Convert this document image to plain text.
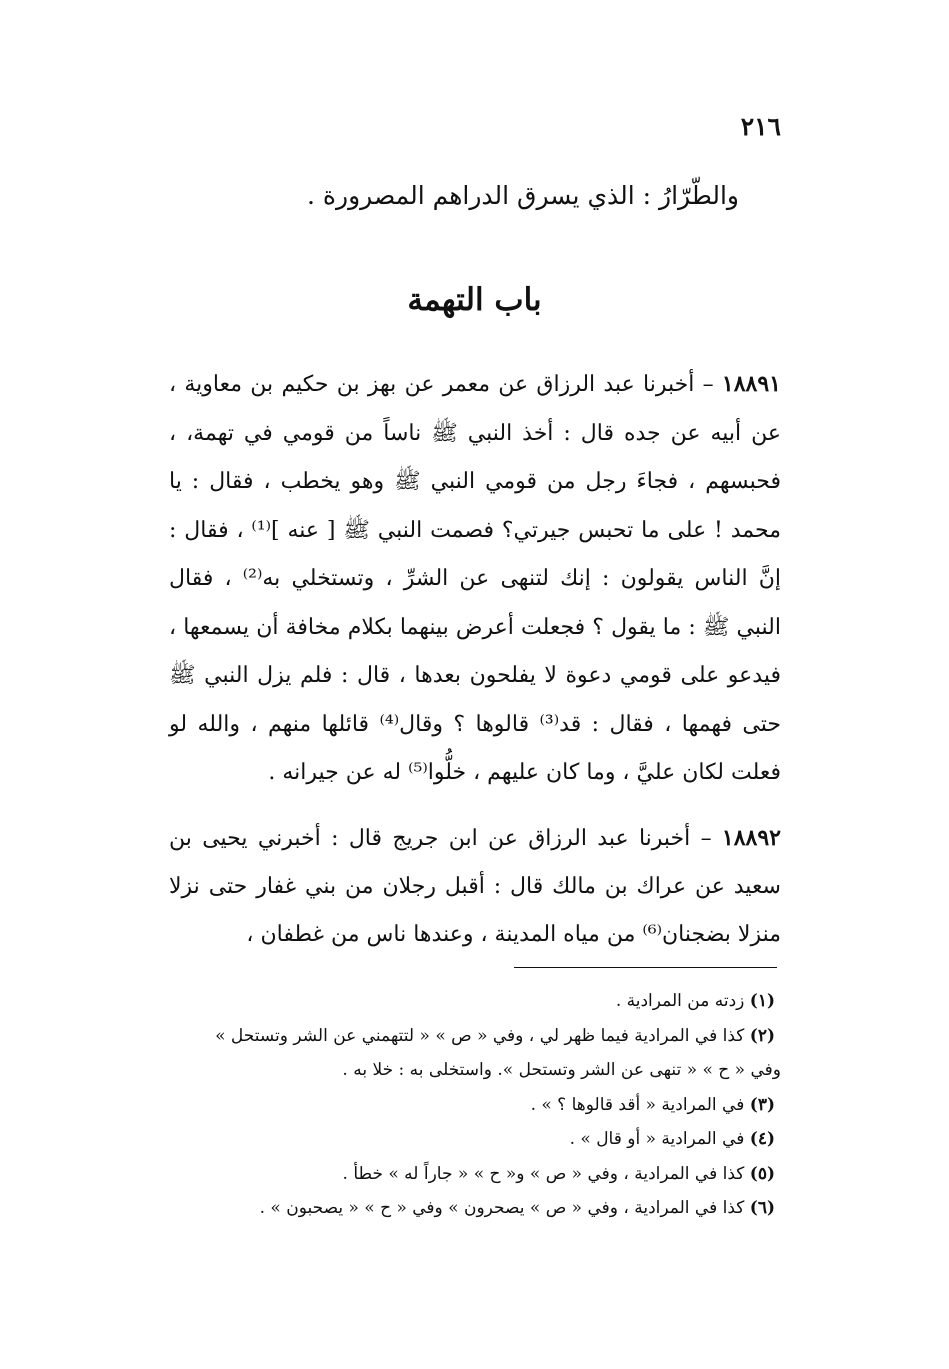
٢١٦
والطّرّارُ : الذي يسرق الدراهم المصرورة .
باب التهمة
١٨٨٩١ – أخبرنا عبد الرزاق عن معمر عن بهز بن حكيم بن معاوية ، عن أبيه عن جده قال : أخذ النبي ﷺ ناساً من قومي في تهمة، ، فحبسهم ، فجاءَ رجل من قومي النبي ﷺ وهو يخطب ، فقال : يا محمد ! على ما تحبس جيرتي؟ فصمت النبي ﷺ [ عنه ]⁽¹⁾ ، فقال : إنَّ الناس يقولون : إنك لتنهى عن الشرِّ ، وتستخلي به⁽²⁾ ، فقال النبي ﷺ : ما يقول ؟ فجعلت أعرض بينهما بكلام مخافة أن يسمعها ، فيدعو على قومي دعوة لا يفلحون بعدها ، قال : فلم يزل النبي ﷺ حتى فهمها ، فقال : قد⁽³⁾ قالوها ؟ وقال⁽⁴⁾ قائلها منهم ، والله لو فعلت لكان عليَّ ، وما كان عليهم ، خلُّوا⁽⁵⁾ له عن جيرانه .
١٨٨٩٢ – أخبرنا عبد الرزاق عن ابن جريج قال : أخبرني يحيى بن سعيد عن عراك بن مالك قال : أقبل رجلان من بني غفار حتى نزلا منزلا بضجنان⁽⁶⁾ من مياه المدينة ، وعندها ناس من غطفان ،
(١) زدته من المرادية .
(٢) كذا في المرادية فيما ظهر لي ، وفي « ص » « لتتهمني عن الشر وتستحل »
وفي « ح » « تنهى عن الشر وتستحل ». واستخلى به : خلا به .
(٣) في المرادية « أقد قالوها ؟ » .
(٤) في المرادية « أو قال » .
(٥) كذا في المرادية ، وفي « ص » و« ح » « جاراً له » خطأ .
(٦) كذا في المرادية ، وفي « ص » يصحرون » وفي « ح » « يصحبون » .
